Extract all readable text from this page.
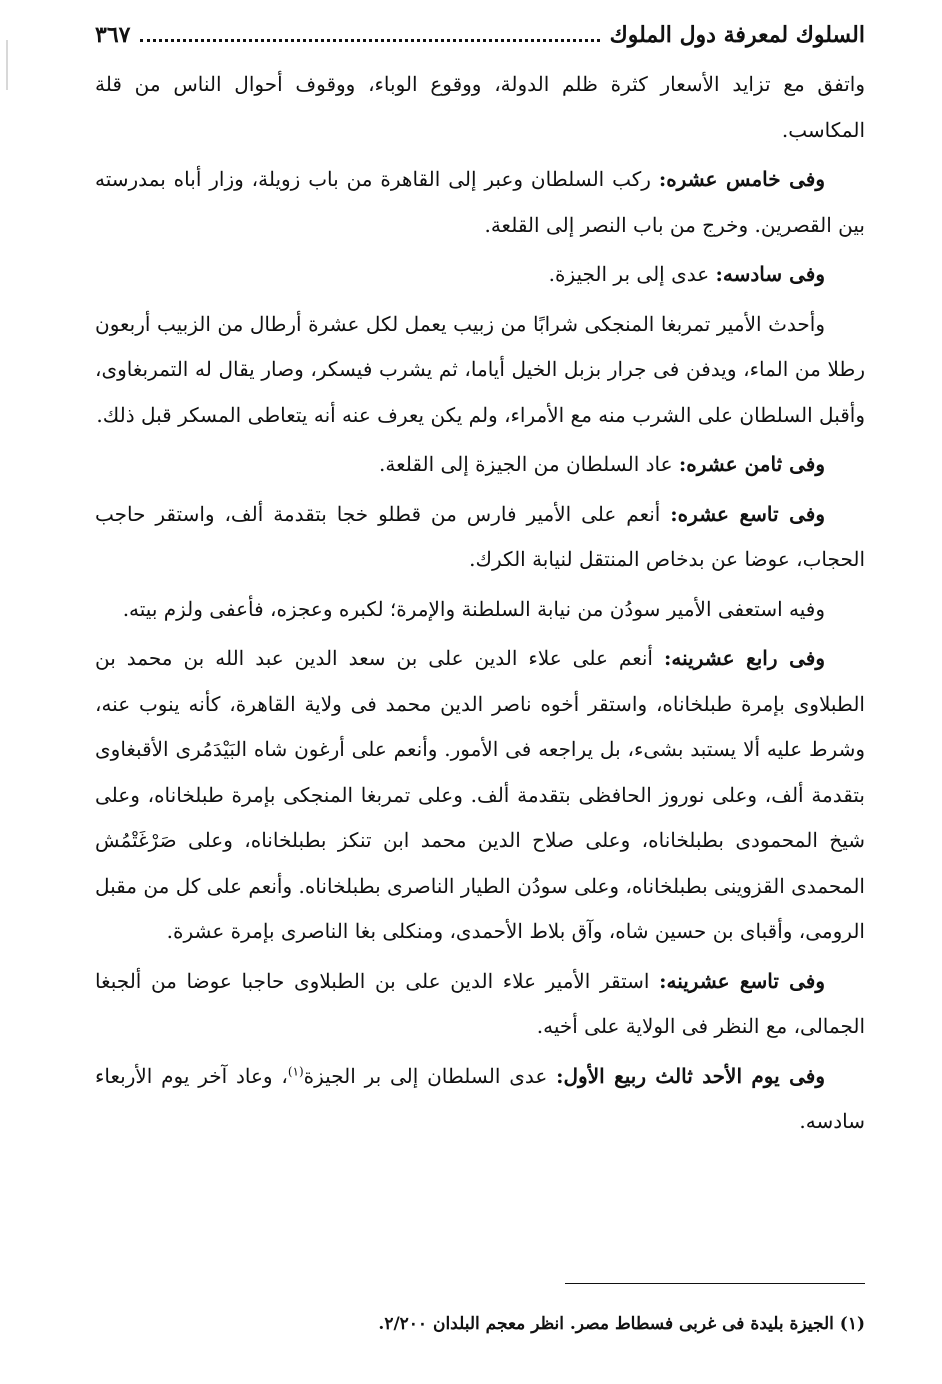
السلوك لمعرفة دول الملوك
٣٦٧

واتفق مع تزايد الأسعار كثرة ظلم الدولة، ووقوع الوباء، ووقوف أحوال الناس من قلة المكاسب.

وفى خامس عشره: ركب السلطان وعبر إلى القاهرة من باب زويلة، وزار أباه بمدرسته بين القصرين. وخرج من باب النصر إلى القلعة.

وفى سادسه: عدى إلى بر الجيزة.

وأحدث الأمير تمربغا المنجكى شرابًا من زبيب يعمل لكل عشرة أرطال من الزبيب أربعون رطلا من الماء، ويدفن فى جرار بزبل الخيل أياما، ثم يشرب فيسكر، وصار يقال له التمربغاوى، وأقبل السلطان على الشرب منه مع الأمراء، ولم يكن يعرف عنه أنه يتعاطى المسكر قبل ذلك.

وفى ثامن عشره: عاد السلطان من الجيزة إلى القلعة.

وفى تاسع عشره: أنعم على الأمير فارس من قطلو خجا بتقدمة ألف، واستقر حاجب الحجاب، عوضا عن بدخاص المنتقل لنيابة الكرك.

وفيه استعفى الأمير سودُن من نيابة السلطنة والإمرة؛ لكبره وعجزه، فأعفى ولزم بيته.

وفى رابع عشرينه: أنعم على علاء الدين على بن سعد الدين عبد الله بن محمد بن الطبلاوى بإمرة طبلخاناه، واستقر أخوه ناصر الدين محمد فى ولاية القاهرة، كأنه ينوب عنه، وشرط عليه ألا يستبد بشىء، بل يراجعه فى الأمور. وأنعم على أرغون شاه البَيْدَمُرى الأقبغاوى بتقدمة ألف، وعلى نوروز الحافظى بتقدمة ألف. وعلى تمربغا المنجكى بإمرة طبلخاناه، وعلى شيخ المحمودى بطبلخاناه، وعلى صلاح الدين محمد ابن تنكز بطبلخاناه، وعلى صَرْغَتْمُش المحمدى القزوينى بطبلخاناه، وعلى سودُن الطيار الناصرى بطبلخاناه. وأنعم على كل من مقبل الرومى، وأقباى بن حسين شاه، وآق بلاط الأحمدى، ومنكلى بغا الناصرى بإمرة عشرة.

وفى تاسع عشرينه: استقر الأمير علاء الدين على بن الطبلاوى حاجبا عوضا من ألجبغا الجمالى، مع النظر فى الولاية على أخيه.

وفى يوم الأحد ثالث ربيع الأول: عدى السلطان إلى بر الجيزة$^{(١)}$، وعاد آخر يوم الأربعاء سادسه.

(١) الجيزة بليدة فى غربى فسطاط مصر. انظر معجم البلدان ٢/٢٠٠.
